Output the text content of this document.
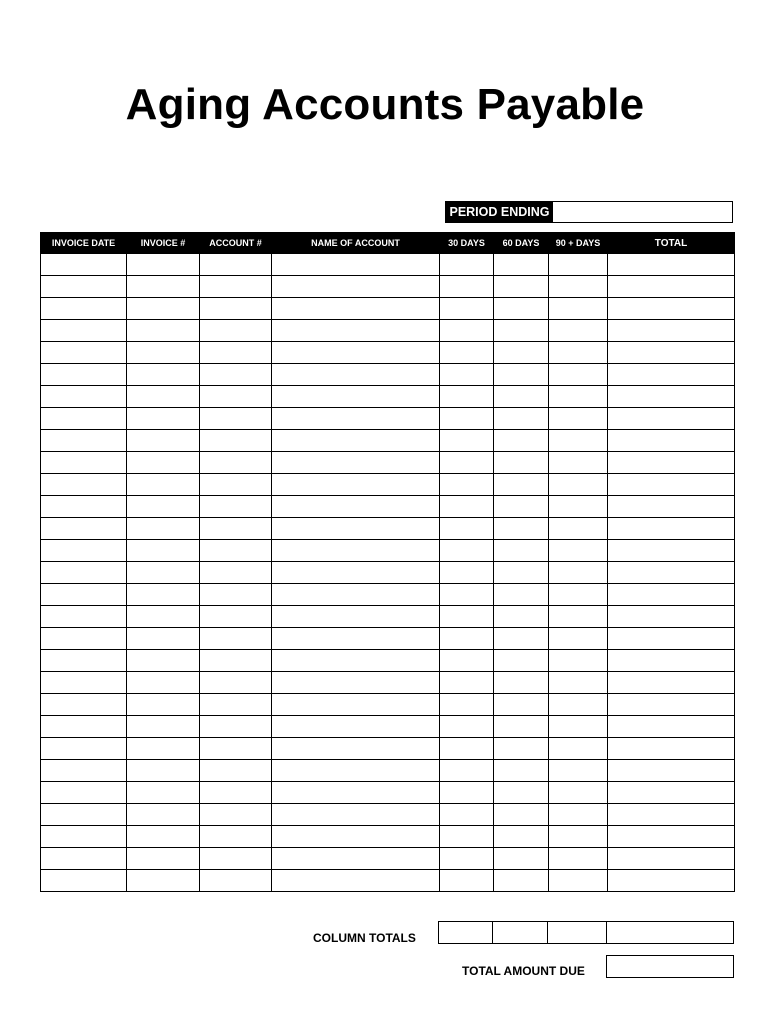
Aging Accounts Payable
PERIOD ENDING
INVOICE DATE	INVOICE #	ACCOUNT #	NAME OF ACCOUNT	30 DAYS	60 DAYS	90 + DAYS	TOTAL

COLUMN TOTALS
TOTAL AMOUNT DUE
